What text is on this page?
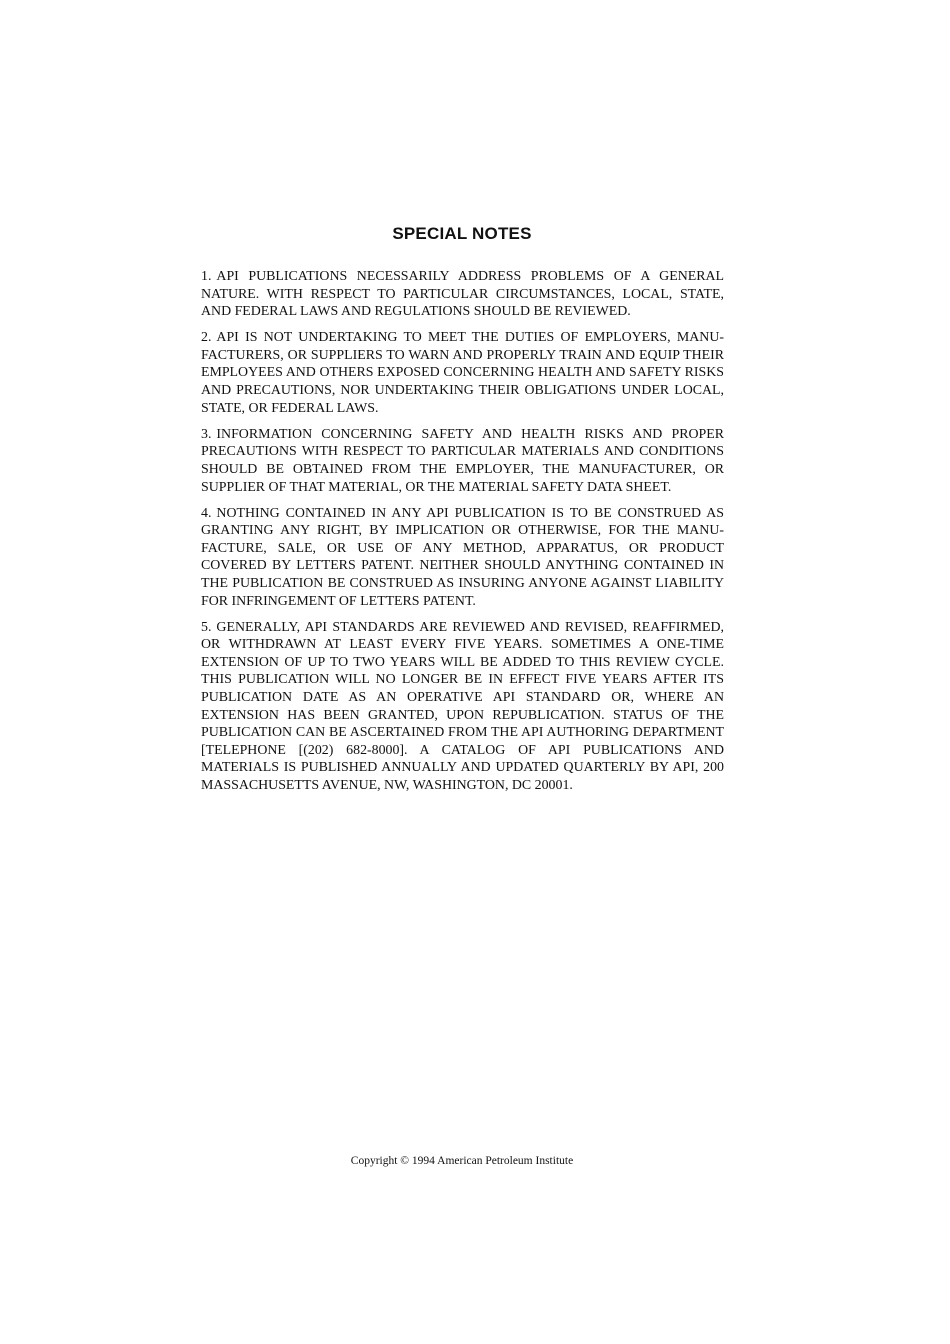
SPECIAL NOTES

1. API PUBLICATIONS NECESSARILY ADDRESS PROBLEMS OF A GENERAL NATURE. WITH RESPECT TO PARTICULAR CIRCUMSTANCES, LOCAL, STATE, AND FEDERAL LAWS AND REGULATIONS SHOULD BE REVIEWED.

2. API IS NOT UNDERTAKING TO MEET THE DUTIES OF EMPLOYERS, MANUFACTURERS, OR SUPPLIERS TO WARN AND PROPERLY TRAIN AND EQUIP THEIR EMPLOYEES AND OTHERS EXPOSED CONCERNING HEALTH AND SAFETY RISKS AND PRECAUTIONS, NOR UNDERTAKING THEIR OBLIGATIONS UNDER LOCAL, STATE, OR FEDERAL LAWS.

3. INFORMATION CONCERNING SAFETY AND HEALTH RISKS AND PROPER PRECAUTIONS WITH RESPECT TO PARTICULAR MATERIALS AND CONDITIONS SHOULD BE OBTAINED FROM THE EMPLOYER, THE MANUFACTURER, OR SUPPLIER OF THAT MATERIAL, OR THE MATERIAL SAFETY DATA SHEET.

4. NOTHING CONTAINED IN ANY API PUBLICATION IS TO BE CONSTRUED AS GRANTING ANY RIGHT, BY IMPLICATION OR OTHERWISE, FOR THE MANUFACTURE, SALE, OR USE OF ANY METHOD, APPARATUS, OR PRODUCT COVERED BY LETTERS PATENT. NEITHER SHOULD ANYTHING CONTAINED IN THE PUBLICATION BE CONSTRUED AS INSURING ANYONE AGAINST LIABILITY FOR INFRINGEMENT OF LETTERS PATENT.

5. GENERALLY, API STANDARDS ARE REVIEWED AND REVISED, REAFFIRMED, OR WITHDRAWN AT LEAST EVERY FIVE YEARS. SOMETIMES A ONE-TIME EXTENSION OF UP TO TWO YEARS WILL BE ADDED TO THIS REVIEW CYCLE. THIS PUBLICATION WILL NO LONGER BE IN EFFECT FIVE YEARS AFTER ITS PUBLICATION DATE AS AN OPERATIVE API STANDARD OR, WHERE AN EXTENSION HAS BEEN GRANTED, UPON REPUBLICATION. STATUS OF THE PUBLICATION CAN BE ASCERTAINED FROM THE API AUTHORING DEPARTMENT [TELEPHONE [(202) 682-8000]. A CATALOG OF API PUBLICATIONS AND MATERIALS IS PUBLISHED ANNUALLY AND UPDATED QUARTERLY BY API, 200 MASSACHUSETTS AVENUE, NW, WASHINGTON, DC 20001.

Copyright © 1994 American Petroleum Institute
